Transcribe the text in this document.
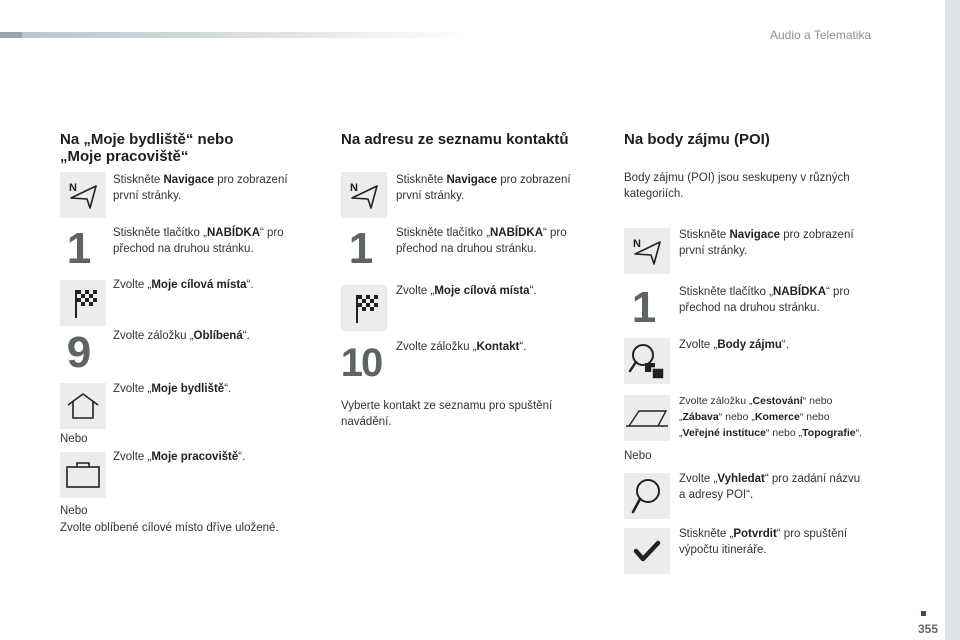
Audio a Telematika
Na „Moje bydliště“ nebo
„Moje pracoviště“
N
Stiskněte Navigace pro zobrazení
první stránky.
1	Stiskněte tlačítko „NABÍDKA“ pro
přechod na druhou stránku.
Zvolte „Moje cílová místa“.
9	Zvolte záložku „Oblíbená“.
Zvolte „Moje bydliště“.
Nebo
Zvolte „Moje pracoviště“.
Nebo
Zvolte oblíbené cílové místo dříve uložené.
Na adresu ze seznamu kontaktů
N
Stiskněte Navigace pro zobrazení
první stránky.
1	Stiskněte tlačítko „NABÍDKA“ pro
přechod na druhou stránku.
Zvolte „Moje cílová místa“.
10 Zvolte záložku „Kontakt“.
Vyberte kontakt ze seznamu pro spuštění
navádění.
Na body zájmu (POI)
Body zájmu (POI) jsou seskupeny v různých
kategoriích.
N
Stiskněte Navigace pro zobrazení
první stránky.
1	Stiskněte tlačítko „NABÍDKA“ pro
přechod na druhou stránku.
Zvolte „Body zájmu“.
Zvolte záložku „Cestování“ nebo
„Zábava“ nebo „Komerce“ nebo
„Veřejné instituce“ nebo „Topografie“.
Nebo
Zvolte „Vyhledat“ pro zadání názvu
a adresy POI“.
Stiskněte „Potvrdit“ pro spuštění
výpočtu itineráře.
355
